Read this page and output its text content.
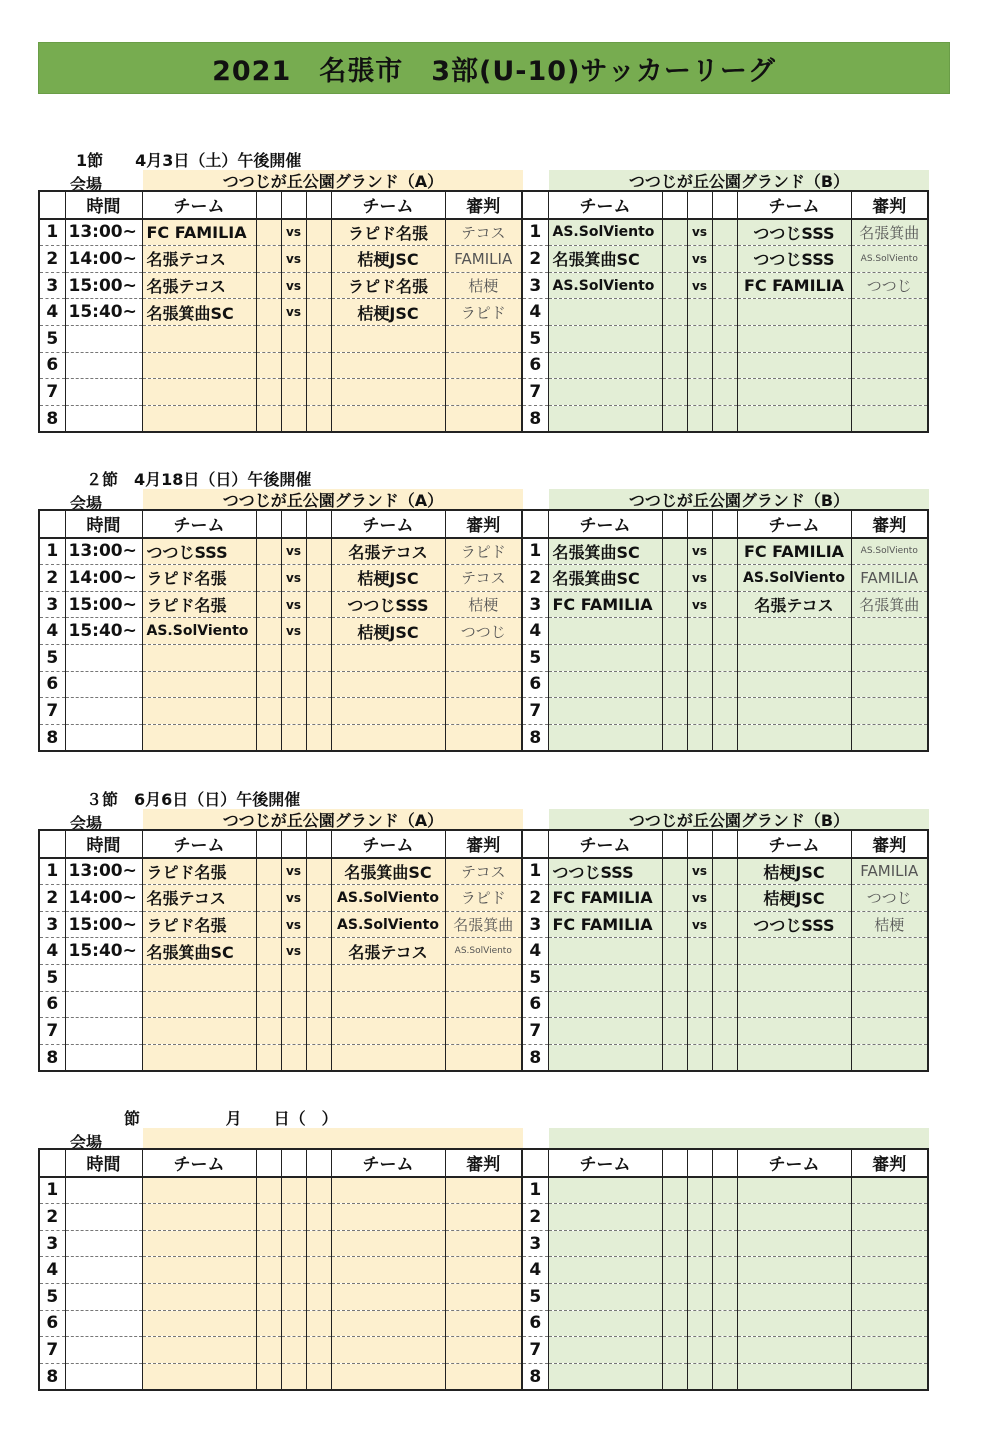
2021　名張市　3部(U-10)サッカーリーグ
1節　　4月3日（土）午後開催
会場	つつじが丘公園グランド（A）	つつじが丘公園グランド（B）
	時間	チーム				チーム	審判		チーム				チーム	審判
1	13:00~	FC FAMILIA		vs		ラピド名張	テコス	1	AS.SolViento		vs		つつじSSS	名張箕曲
2	14:00~	名張テコス		vs		桔梗JSC	FAMILIA	2	名張箕曲SC		vs		つつじSSS	AS.SolViento
3	15:00~	名張テコス		vs		ラピド名張	桔梗	3	AS.SolViento		vs		FC FAMILIA	つつじ
4	15:40~	名張箕曲SC		vs		桔梗JSC	ラピド	4						
5								5						
6								6						
7								7						
8								8						
２節　4月18日（日）午後開催
会場	つつじが丘公園グランド（A）	つつじが丘公園グランド（B）
	時間	チーム				チーム	審判		チーム				チーム	審判
1	13:00~	つつじSSS		vs		名張テコス	ラピド	1	名張箕曲SC		vs		FC FAMILIA	AS.SolViento
2	14:00~	ラピド名張		vs		桔梗JSC	テコス	2	名張箕曲SC		vs		AS.SolViento	FAMILIA
3	15:00~	ラピド名張		vs		つつじSSS	桔梗	3	FC FAMILIA		vs		名張テコス	名張箕曲
4	15:40~	AS.SolViento		vs		桔梗JSC	つつじ	4						
5								5						
6								6						
7								7						
8								8						
３節　6月6日（日）午後開催
会場	つつじが丘公園グランド（A）	つつじが丘公園グランド（B）
	時間	チーム				チーム	審判		チーム				チーム	審判
1	13:00~	ラピド名張		vs		名張箕曲SC	テコス	1	つつじSSS		vs		桔梗JSC	FAMILIA
2	14:00~	名張テコス		vs		AS.SolViento	ラピド	2	FC FAMILIA		vs		桔梗JSC	つつじ
3	15:00~	ラピド名張		vs		AS.SolViento	名張箕曲	3	FC FAMILIA		vs		つつじSSS	桔梗
4	15:40~	名張箕曲SC		vs		名張テコス	AS.SolViento	4						
5								5						
6								6						
7								7						
8								8						
　　節　　　　　 月　　日（　）
会場
	時間	チーム				チーム	審判		チーム				チーム	審判
1								1						
2								2						
3								3						
4								4						
5								5						
6								6						
7								7						
8								8						
